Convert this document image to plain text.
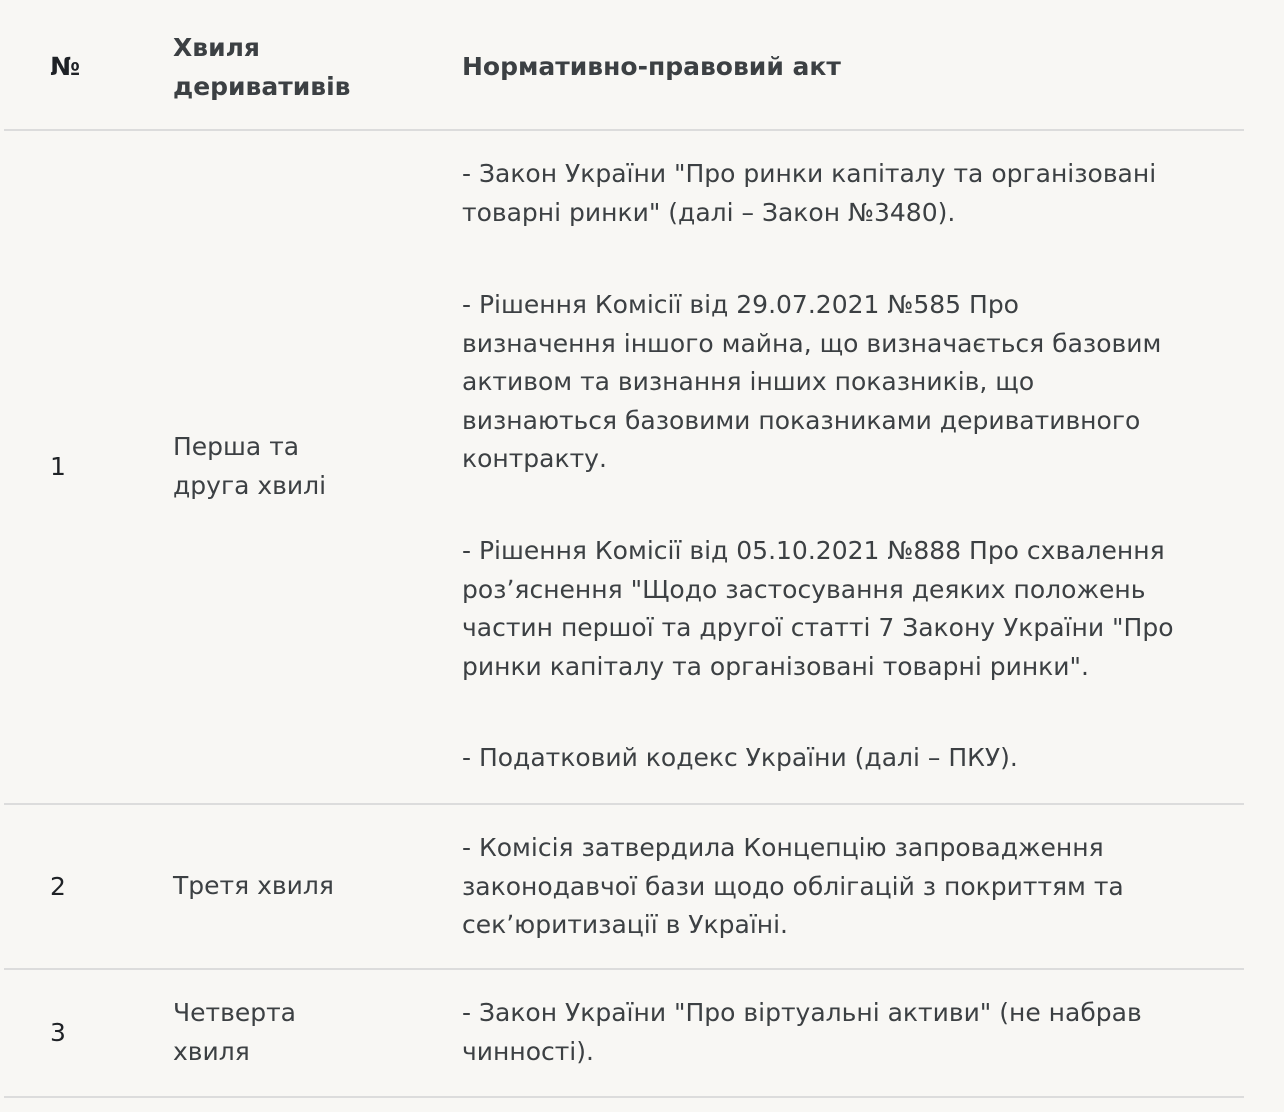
№
Хвиля
деривативів
Нормативно-правовий акт
1
Перша та
друга хвилі

- Закон України "Про ринки капіталу та організовані

товарні ринки" (далі – Закон №3480).

- Рішення Комісії від 29.07.2021 №585 Про

визначення іншого майна, що визначається базовим

активом та визнання інших показників, що

визнаються базовими показниками деривативного

контракту.

- Рішення Комісії від 05.10.2021 №888 Про схвалення

розʼяснення "Щодо застосування деяких положень

частин першої та другої статті 7 Закону України "Про

ринки капіталу та організовані товарні ринки".

- Податковий кодекс України (далі – ПКУ).

2	Третя хвиля

- Комісія затвердила Концепцію запровадження

законодавчої бази щодо облігацій з покриттям та

секʼюритизації в Україні.

3
Четверта
хвиля

- Закон України "Про віртуальні активи" (не набрав

чинності).
